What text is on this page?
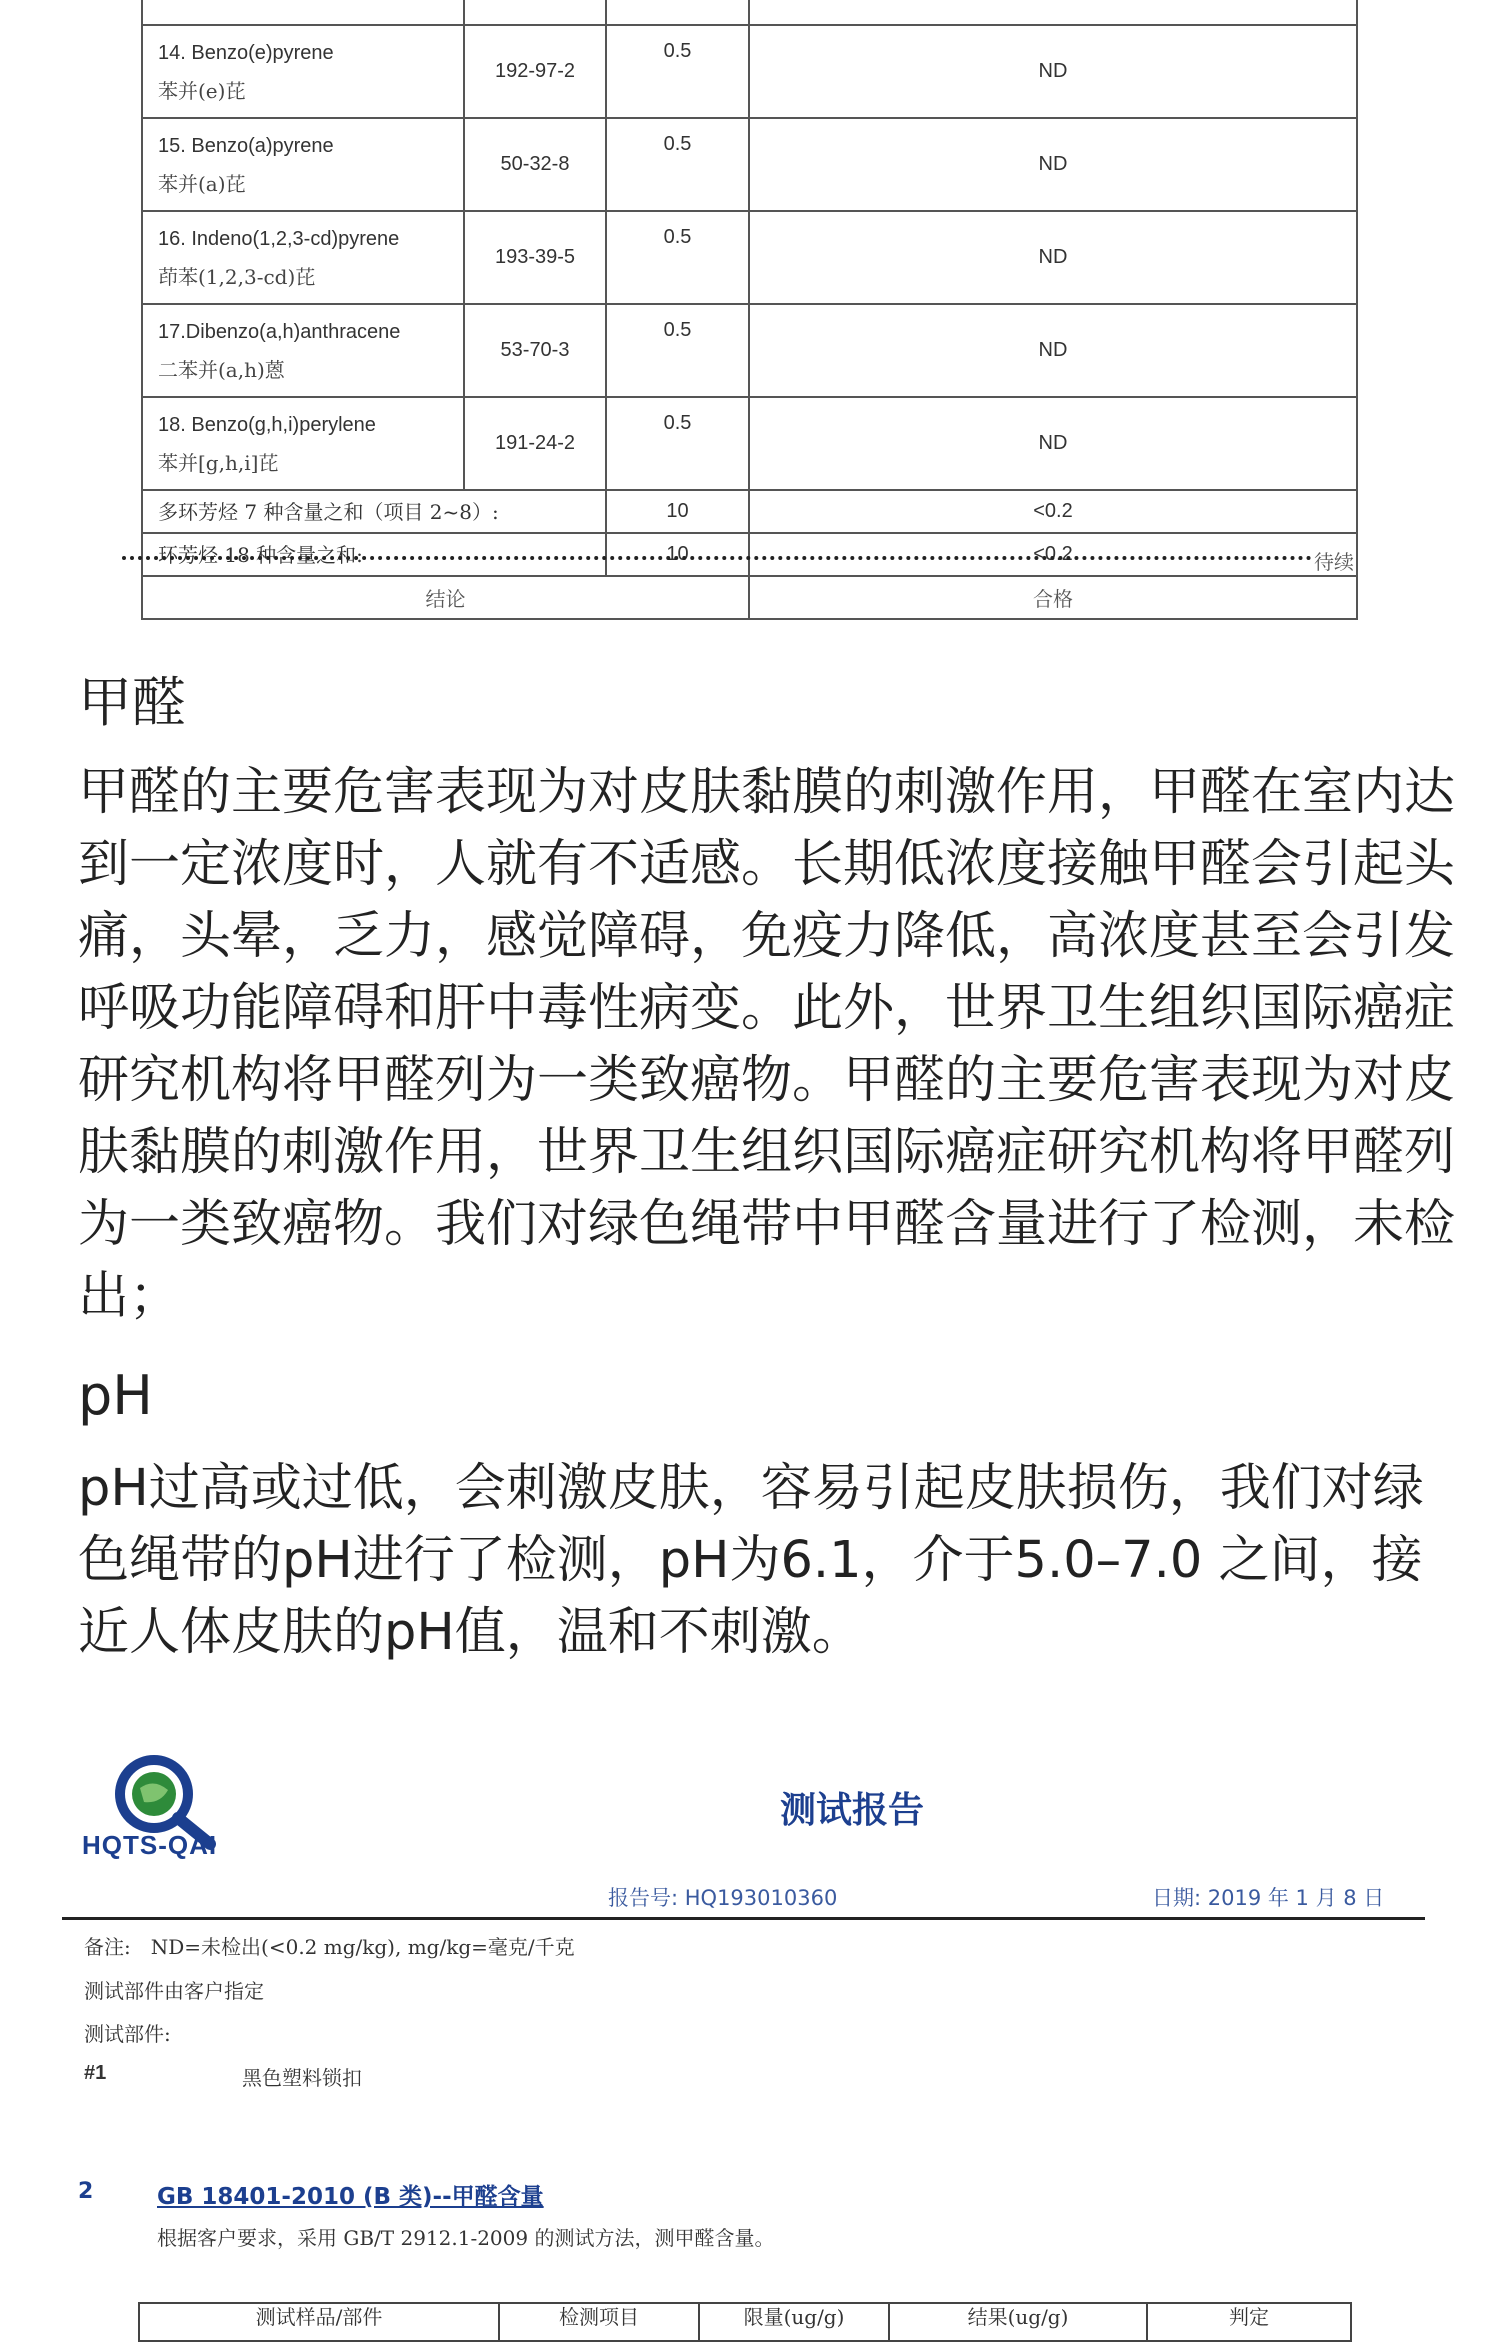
14. Benzo(e)pyrene
苯并(e)芘	192-97-2	0.5	ND

15. Benzo(a)pyrene
苯并(a)芘	50-32-8	0.5	ND

16. Indeno(1,2,3-cd)pyrene
茚苯(1,2,3-cd)芘	193-39-5	0.5	ND

17.Dibenzo(a,h)anthracene
二苯并(a,h)蒽	53-70-3	0.5	ND

18. Benzo(g,h,i)perylene
苯并[g,h,i]芘	191-24-2	0.5	ND
多环芳烃 7 种含量之和（项目 2~8）:		10	<0.2
环芳烃 18 种含量之和:		10	<0.2
结论			合格
待续
甲醛

甲醛的主要危害表现为对皮肤黏膜的刺激作用，甲醛在室内达到一定浓度时，人就有不适感。长期低浓度接触甲醛会引起头痛，头晕，乏力，感觉障碍，免疫力降低，高浓度甚至会引发呼吸功能障碍和肝中毒性病变。此外，世界卫生组织国际癌症研究机构将甲醛列为一类致癌物。甲醛的主要危害表现为对皮肤黏膜的刺激作用，世界卫生组织国际癌症研究机构将甲醛列为一类致癌物。我们对绿色绳带中甲醛含量进行了检测，未检出；

pH

pH过高或过低，会刺激皮肤，容易引起皮肤损伤，我们对绿色绳带的pH进行了检测，pH为6.1，介于5.0–7.0 之间，接近人体皮肤的pH值，温和不刺激。

HQTS-QAI
测试报告
报告号: HQ193010360	日期: 2019 年 1 月 8 日
备注:　ND=未检出(<0.2 mg/kg), mg/kg=毫克/千克
测试部件由客户指定
测试部件:
#1	黑色塑料锁扣
2	GB 18401-2010 (B 类)--甲醛含量
根据客户要求，采用 GB/T 2912.1-2009 的测试方法，测甲醛含量。
测试样品/部件	检测项目	限量(ug/g)	结果(ug/g)	判定
